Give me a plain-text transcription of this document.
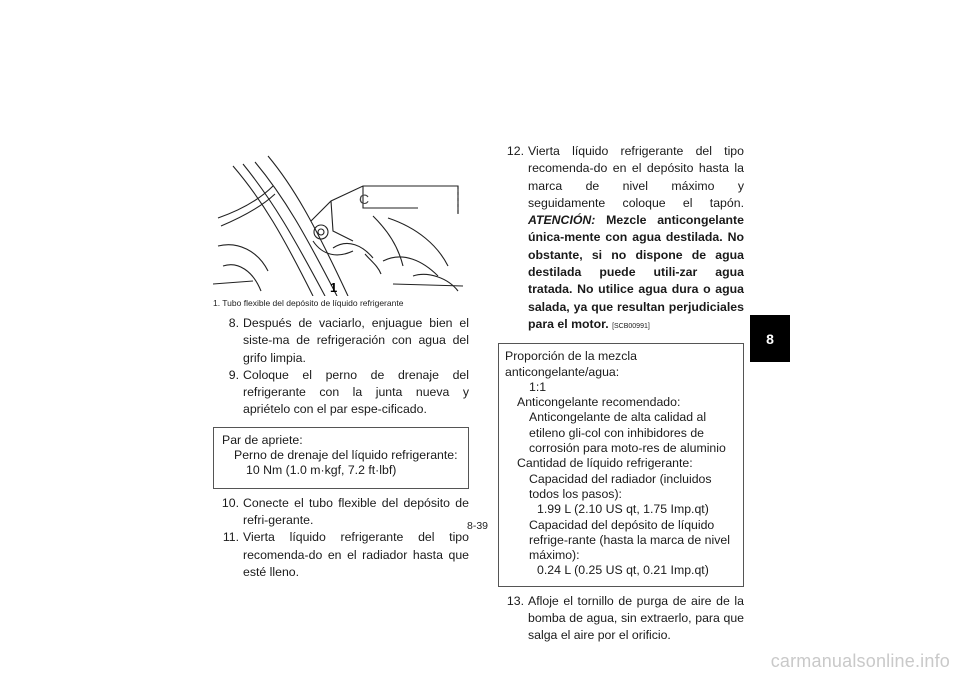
C
1
1. Tubo flexible del depósito de líquido refrigerante
8. Después de vaciarlo, enjuague bien el siste-ma de refrigeración con agua del grifo limpia.
9. Coloque el perno de drenaje del refrigerante con la junta nueva y apriételo con el par espe-cificado.
Par de apriete:
Perno de drenaje del líquido refrigerante:
10 Nm (1.0 m·kgf, 7.2 ft·lbf)
10. Conecte el tubo flexible del depósito de refri-gerante.
11. Vierta líquido refrigerante del tipo recomenda-do en el radiador hasta que esté lleno.
12. Vierta líquido refrigerante del tipo recomenda-do en el depósito hasta la marca de nivel máximo y seguidamente coloque el tapón. ATENCIÓN: Mezcle anticongelante única-mente con agua destilada. No obstante, si no dispone de agua destilada puede utili-zar agua tratada. No utilice agua dura o agua salada, ya que resultan perjudiciales para el motor. [SCB00991]
Proporción de la mezcla anticongelante/agua:
1:1
Anticongelante recomendado:
Anticongelante de alta calidad al etileno gli-col con inhibidores de corrosión para moto-res de aluminio
Cantidad de líquido refrigerante:
Capacidad del radiador (incluidos todos los pasos):
1.99 L (2.10 US qt, 1.75 Imp.qt)
Capacidad del depósito de líquido refrige-rante (hasta la marca de nivel máximo):
0.24 L (0.25 US qt, 0.21 Imp.qt)
13. Afloje el tornillo de purga de aire de la bomba de agua, sin extraerlo, para que salga el aire por el orificio.
8
8-39
carmanualsonline.info
